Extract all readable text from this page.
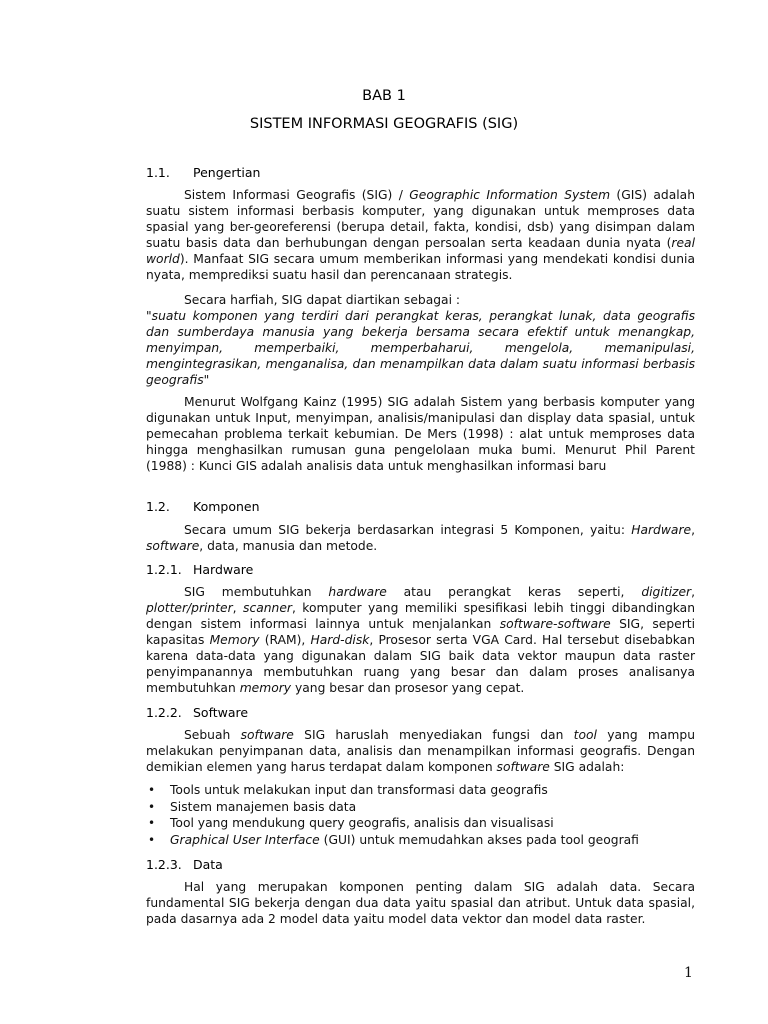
BAB 1
SISTEM INFORMASI GEOGRAFIS (SIG)
1.1. Pengertian
Sistem Informasi Geografis (SIG) / Geographic Information System (GIS) adalah suatu sistem informasi berbasis komputer, yang digunakan untuk memproses data spasial yang ber-georeferensi (berupa detail, fakta, kondisi, dsb) yang disimpan dalam suatu basis data dan berhubungan dengan persoalan serta keadaan dunia nyata (real world). Manfaat SIG secara umum memberikan informasi yang mendekati kondisi dunia nyata, memprediksi suatu hasil dan perencanaan strategis.
Secara harfiah, SIG dapat diartikan sebagai :
"suatu komponen yang terdiri dari perangkat keras, perangkat lunak, data geografis dan sumberdaya manusia yang bekerja bersama secara efektif untuk menangkap, menyimpan, memperbaiki, memperbaharui, mengelola, memanipulasi, mengintegrasikan, menganalisa, dan menampilkan data dalam suatu informasi berbasis geografis"
Menurut Wolfgang Kainz (1995) SIG adalah Sistem yang berbasis komputer yang digunakan untuk Input, menyimpan, analisis/manipulasi dan display data spasial, untuk pemecahan problema terkait kebumian. De Mers (1998) : alat untuk memproses data hingga menghasilkan rumusan guna pengelolaan muka bumi. Menurut Phil Parent (1988) : Kunci GIS adalah analisis data untuk menghasilkan informasi baru
1.2. Komponen
Secara umum SIG bekerja berdasarkan integrasi 5 Komponen, yaitu: Hardware, software, data, manusia dan metode.
1.2.1. Hardware
SIG membutuhkan hardware atau perangkat keras seperti, digitizer, plotter/printer, scanner, komputer yang memiliki spesifikasi lebih tinggi dibandingkan dengan sistem informasi lainnya untuk menjalankan software-software SIG, seperti kapasitas Memory (RAM), Hard-disk, Prosesor serta VGA Card. Hal tersebut disebabkan karena data-data yang digunakan dalam SIG baik data vektor maupun data raster penyimpanannya membutuhkan ruang yang besar dan dalam proses analisanya membutuhkan memory yang besar dan prosesor yang cepat.
1.2.2. Software
Sebuah software SIG haruslah menyediakan fungsi dan tool yang mampu melakukan penyimpanan data, analisis dan menampilkan informasi geografis. Dengan demikian elemen yang harus terdapat dalam komponen software SIG adalah:
• Tools untuk melakukan input dan transformasi data geografis
• Sistem manajemen basis data
• Tool yang mendukung query geografis, analisis dan visualisasi
• Graphical User Interface (GUI) untuk memudahkan akses pada tool geografi
1.2.3. Data
Hal yang merupakan komponen penting dalam SIG adalah data. Secara fundamental SIG bekerja dengan dua data yaitu spasial dan atribut. Untuk data spasial, pada dasarnya ada 2 model data yaitu model data vektor dan model data raster.
1
